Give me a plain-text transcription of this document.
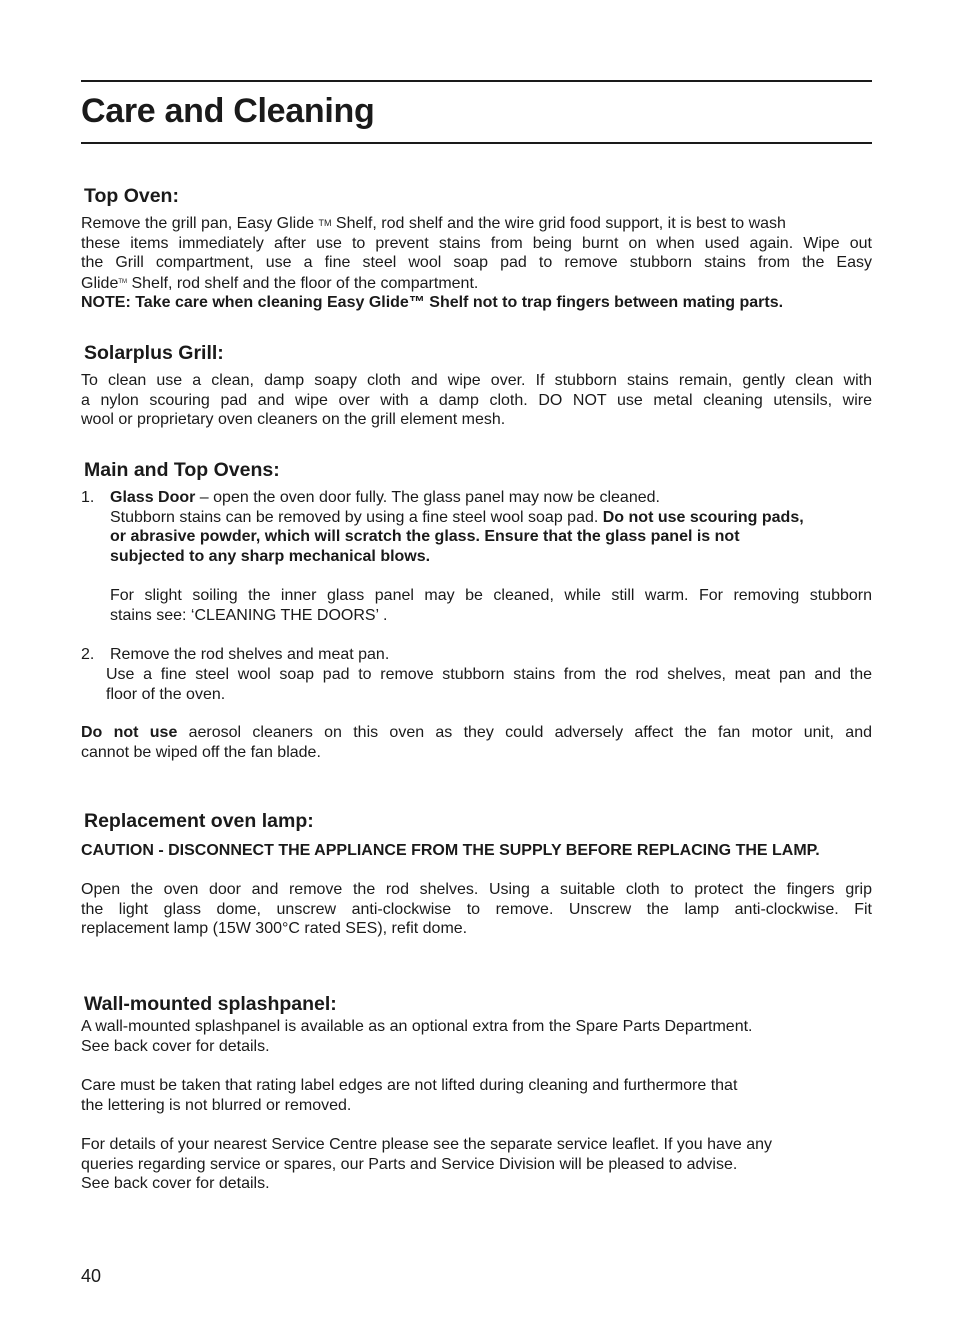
Care and Cleaning
Top Oven:
Remove the grill pan, Easy Glide TM Shelf, rod shelf and the wire grid food support, it is best to wash
these items immediately after use to prevent stains from being burnt on when used again. Wipe out
the Grill compartment, use a fine steel wool soap pad to remove stubborn stains from the Easy
Glide™ Shelf, rod shelf and the floor of the compartment.
NOTE: Take care when cleaning Easy Glide™ Shelf not to trap fingers between mating parts.
Solarplus Grill:
To clean use a clean, damp soapy cloth and wipe over. If stubborn stains remain, gently clean with
a nylon scouring pad and wipe over with a damp cloth. DO NOT use metal cleaning utensils, wire
wool or proprietary oven cleaners on the grill element mesh.
Main and Top Ovens:
1. Glass Door – open the oven door fully. The glass panel may now be cleaned.
Stubborn stains can be removed by using a fine steel wool soap pad. Do not use scouring pads,
or abrasive powder, which will scratch the glass. Ensure that the glass panel is not
subjected to any sharp mechanical blows.
For slight soiling the inner glass panel may be cleaned, while still warm. For removing stubborn
stains see: ‘CLEANING THE DOORS’ .
2. Remove the rod shelves and meat pan.
Use a fine steel wool soap pad to remove stubborn stains from the rod shelves, meat pan and the
floor of the oven.
Do not use aerosol cleaners on this oven as they could adversely affect the fan motor unit, and
cannot be wiped off the fan blade.
Replacement oven lamp:
CAUTION - DISCONNECT THE APPLIANCE FROM THE SUPPLY BEFORE REPLACING THE LAMP.
Open the oven door and remove the rod shelves. Using a suitable cloth to protect the fingers grip
the light glass dome, unscrew anti-clockwise to remove. Unscrew the lamp anti-clockwise. Fit
replacement lamp (15W 300°C rated SES), refit dome.
Wall-mounted splashpanel:
A wall-mounted splashpanel is available as an optional extra from the Spare Parts Department.
See back cover for details.
Care must be taken that rating label edges are not lifted during cleaning and furthermore that
the lettering is not blurred or removed.
For details of your nearest Service Centre please see the separate service leaflet. If you have any
queries regarding service or spares, our Parts and Service Division will be pleased to advise.
See back cover for details.
40
